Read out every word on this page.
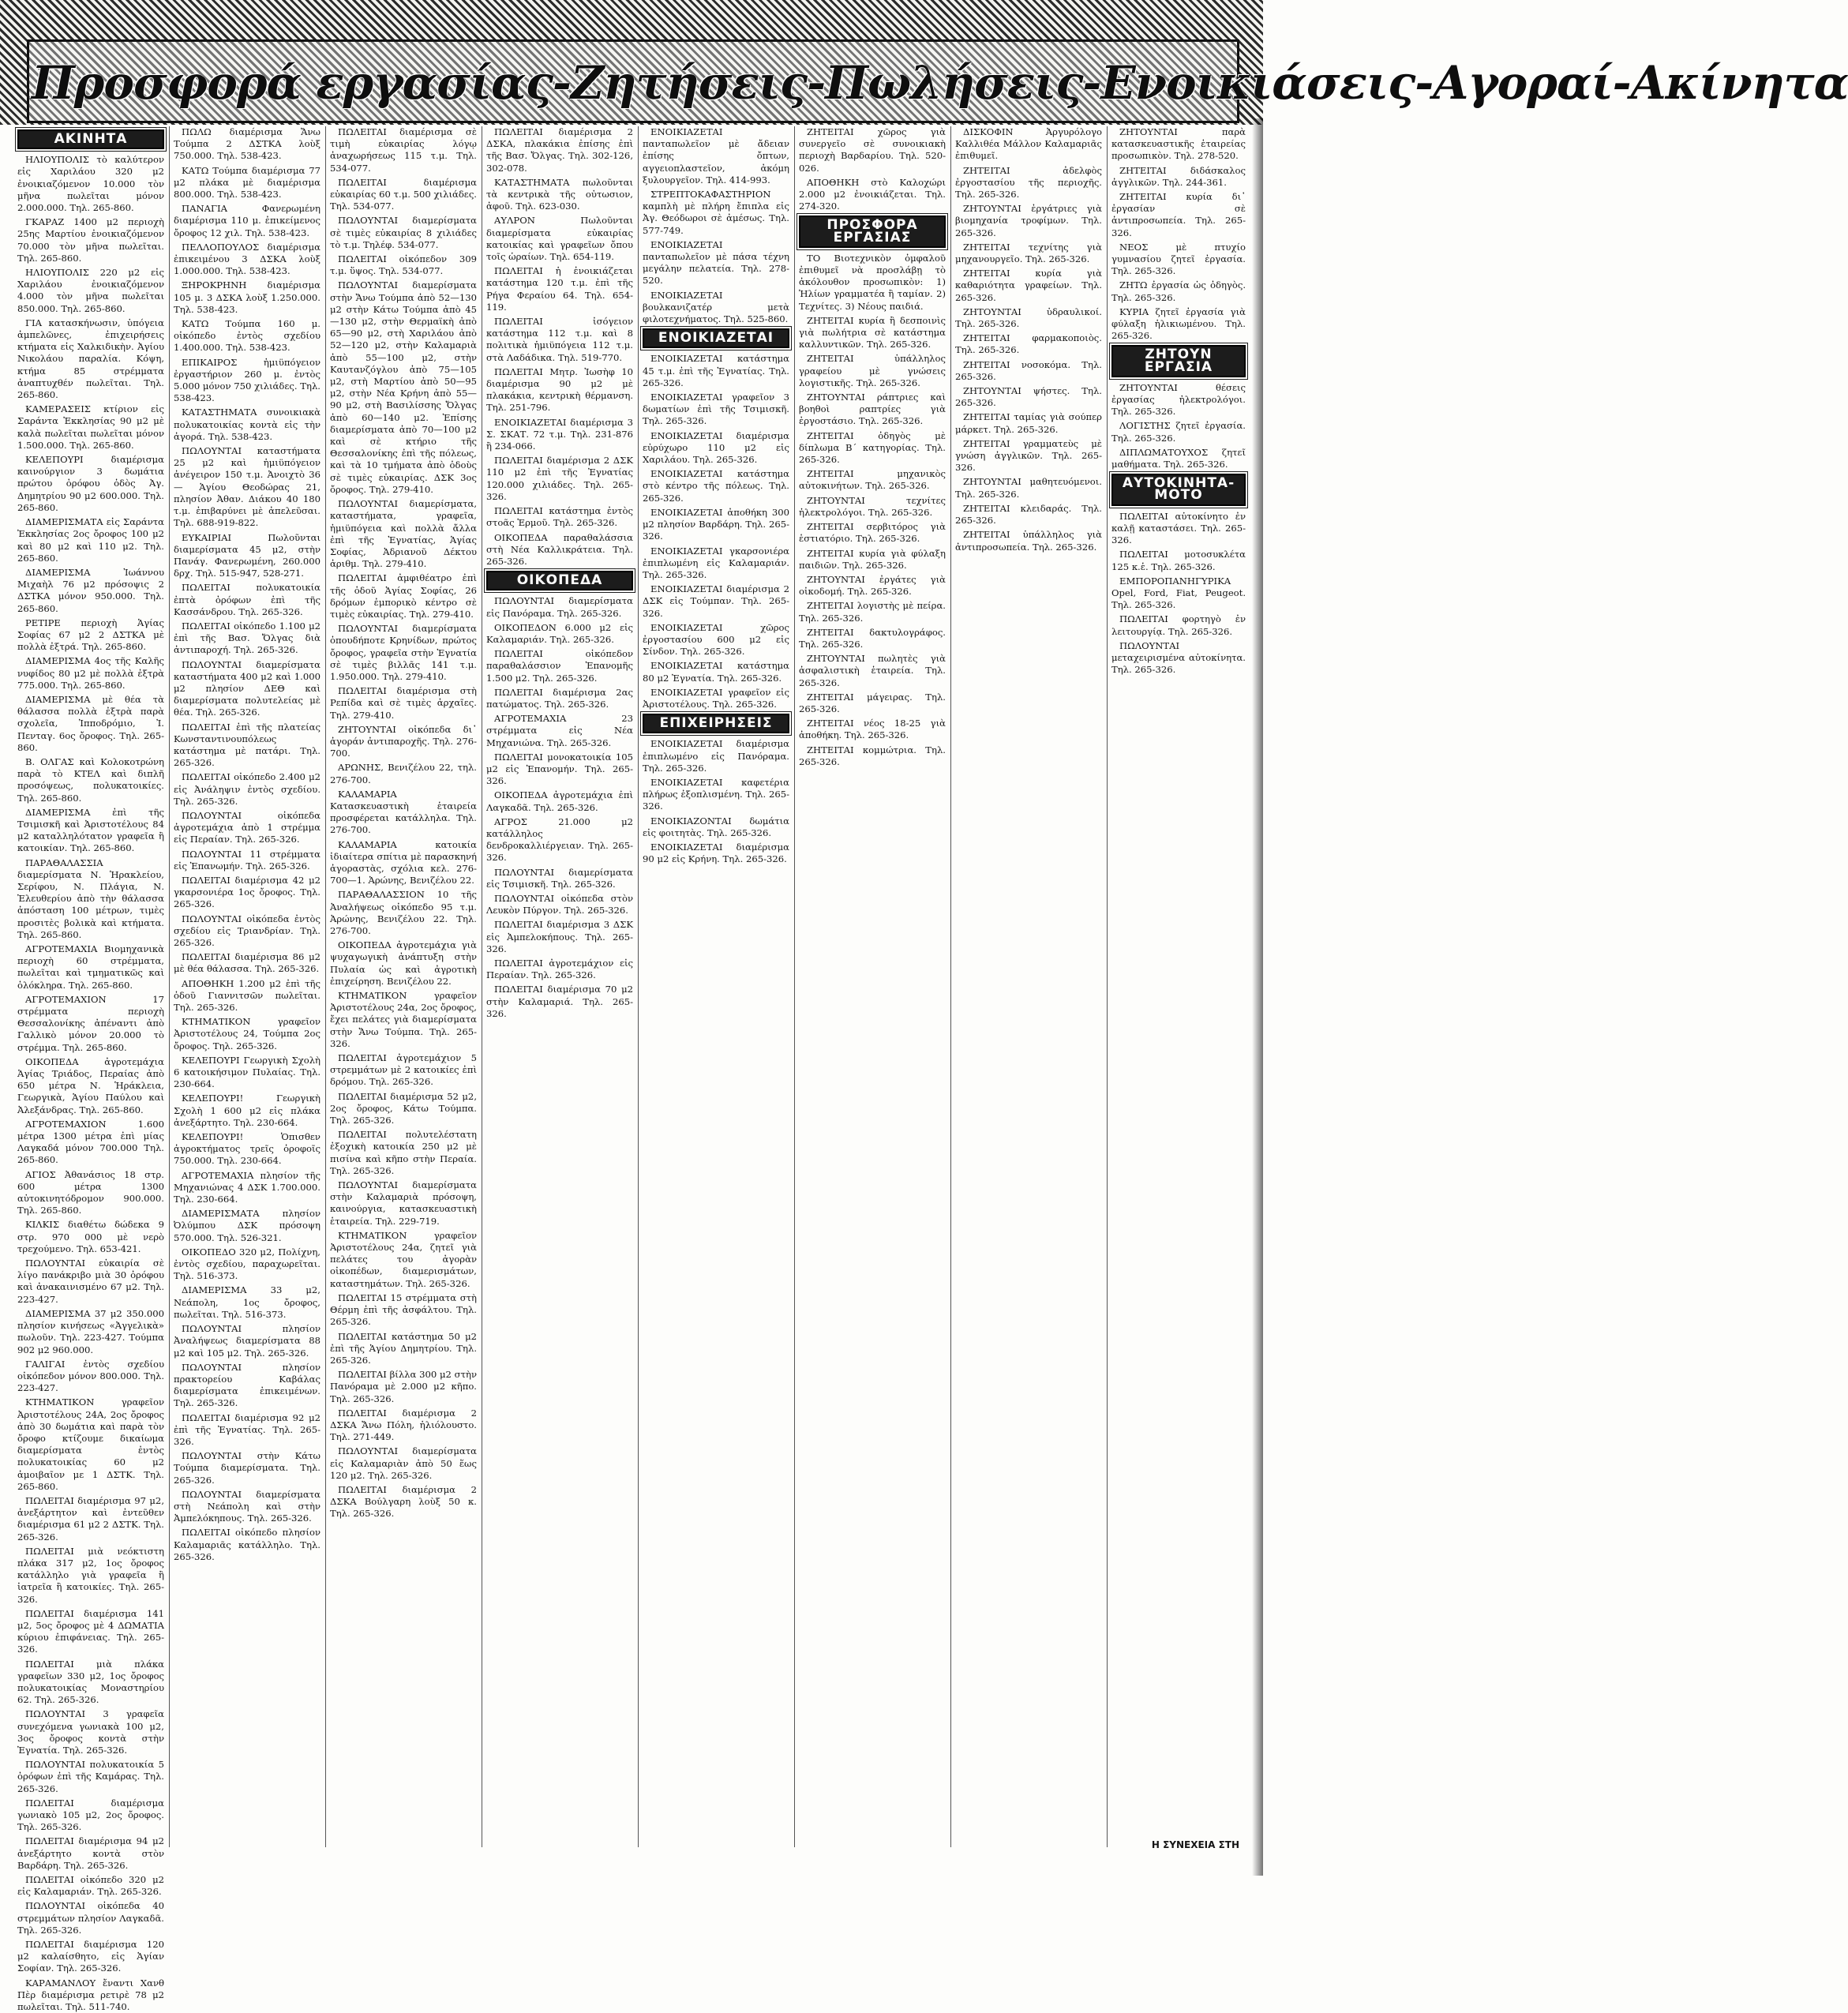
Προσφορά εργασίας-Ζητήσεις-Πωλήσεις-Ενοικιάσεις-Αγοραί-Ακίνητα
ΑΚΙΝΗΤΑ

ΗΛΙΟΥΠΟΛΙΣ τὸ καλύτερον εἰς Χαριλάου 320 μ2 ἐνοικιαζόμενον 10.000 τὸν μῆνα πωλεῖται μόνον 2.000.000. Τηλ. 265-860.

ΓΚΑΡΑΖ 1400 μ2 περιοχὴ 25ης Μαρτίου ἐνοικιαζόμενον 70.000 τὸν μῆνα πωλεῖται. Τηλ. 265-860.

ΗΛΙΟΥΠΟΛΙΣ 220 μ2 εἰς Χαριλάου ἐνοικιαζόμενον 4.000 τὸν μῆνα πωλεῖται 850.000. Τηλ. 265-860.

ΓΙΑ κατασκήνωσιν, ὑπόγεια ἀμπελῶνες, ἐπιχειρήσεις κτήματα εἰς Χαλκιδικὴν. Ἀγίου Νικολάου παραλία. Κόψη, κτήμα 85 στρέμματα ἀναπτυχθέν πωλεῖται. Τηλ. 265-860.

ΚΑΜΕΡΑΣΕΙΣ κτίριον εἰς Σαράντα Ἐκκλησίας 90 μ2 μὲ καλὰ πωλεῖται πωλεῖται μόνον 1.500.000. Τηλ. 265-860.

ΚΕΛΕΠΟΥΡΙ διαμέρισμα καινούργιον 3 δωμάτια πρώτου ὀρόφου ὁδὸς Ἀγ. Δημητρίου 90 μ2 600.000. Τηλ. 265-860.

ΔΙΑΜΕΡΙΣΜΑΤΑ εἰς Σαράντα Ἐκκλησίας 2ος ὄροφος 100 μ2 καὶ 80 μ2 καὶ 110 μ2. Τηλ. 265-860.

ΔΙΑΜΕΡΙΣΜΑ Ἰωάννου Μιχαὴλ 76 μ2 πρόσοψις 2 ΔΣΤΚΑ μόνον 950.000. Τηλ. 265-860.

ΡΕΤΙΡΕ περιοχὴ Ἁγίας Σοφίας 67 μ2 2 ΔΣΤΚΑ μὲ πολλὰ ἐξτρά. Τηλ. 265-860.

ΔΙΑΜΕΡΙΣΜΑ 4ος τῆς Καλῆς νυφίδος 80 μ2 μὲ πολλὰ ἐξτρὰ 775.000. Τηλ. 265-860.

ΔΙΑΜΕΡΙΣΜΑ μὲ θέα τὰ θάλασσα πολλὰ ἐξτρὰ παρὰ σχολεῖα, Ἰπποδρόμιο, Ἰ. Πενταγ. 6ος ὄροφος. Τηλ. 265-860.

Β. ΟΛΓΑΣ καὶ Κολοκοτρώνη παρὰ τὸ ΚΤΕΛ καὶ διπλῆ προσόψεως, πολυκατοικίες. Τηλ. 265-860.

ΔΙΑΜΕΡΙΣΜΑ ἐπὶ τῆς Τσιμισκῆ καὶ Ἀριστοτέλους 84 μ2 καταλληλότατον γραφεῖα ἢ κατοικίαν. Τηλ. 265-860.

ΠΑΡΑΘΑΛΑΣΣΙΑ διαμερίσματα Ν. Ἡρακλείου, Σερίφου, Ν. Πλάγια, Ν. Ἐλευθερίου ἀπὸ τὴν θάλασσα ἀπόσταση 100 μέτρων, τιμὲς προσιτὲς βολικὰ καὶ κτήματα. Τηλ. 265-860.

ΑΓΡΟΤΕΜΑΧΙΑ Βιομηχανικὰ περιοχὴ 60 στρέμματα, πωλεῖται καὶ τμηματικῶς καὶ ὁλόκληρα. Τηλ. 265-860.

ΑΓΡΟΤΕΜΑΧΙΟΝ 17 στρέμματα περιοχὴ Θεσσαλονίκης ἀπέναντι ἀπὸ Γαλλικὸ μόνον 20.000 τὸ στρέμμα. Τηλ. 265-860.

ΟΙΚΟΠΕΔΑ ἀγροτεμάχια Ἁγίας Τριάδος, Περαίας ἀπὸ 650 μέτρα Ν. Ἡράκλεια, Γεωργικὰ, Ἁγίου Παύλου καὶ Ἀλεξάνδρας. Τηλ. 265-860.

ΑΓΡΟΤΕΜΑΧΙΟΝ 1.600 μέτρα 1300 μέτρα ἐπὶ μίας Λαγκαδά μόνον 700.000 Τηλ. 265-860.

ΑΓΙΟΣ Ἀθανάσιος 18 στρ. 600 μέτρα 1300 αὐτοκινητόδρομον 900.000. Τηλ. 265-860.

ΚΙΛΚΙΣ διαθέτω δώδεκα 9 στρ. 970 000 μὲ νερὸ τρεχούμενο. Τηλ. 653-421.

ΠΩΛΟΥΝΤΑΙ εὐκαιρία σὲ λίγο πανάκριβο μιὰ 30 ὀρόφου καὶ ἀνακαινισμένο 67 μ2. Τηλ. 223-427.

ΔΙΑΜΕΡΙΣΜΑ 37 μ2 350.000 πλησίον κινήσεως «Ἀγγελικὰ» πωλοῦν. Τηλ. 223-427. Τούμπα 902 μ2 960.000.

ΓΑΛΙΓΑΙ ἐντὸς σχεδίου οἰκόπεδον μόνον 800.000. Τηλ. 223-427.

ΚΤΗΜΑΤΙΚΟΝ γραφεῖον Ἀριστοτέλους 24Α, 2ος ὄροφος ἀπὸ 30 δωμάτια καὶ παρὰ τὸν ὄροφο κτίζουμε δικαίωμα διαμερίσματα ἐντὸς πολυκατοικίας 60 μ2 ἀμοιβαῖον με 1 ΔΣΤΚ. Τηλ. 265-860.

ΠΩΛΕΙΤΑΙ διαμέρισμα 97 μ2, ἀνεξάρτητον καὶ ἐντεῦθεν διαμέρισμα 61 μ2 2 ΔΣΤΚ. Τηλ. 265-326.

ΠΩΛΕΙΤΑΙ μιὰ νεόκτιστη πλάκα 317 μ2, 1ος ὄροφος κατάλληλο γιὰ γραφεῖα ἢ ἰατρεῖα ἢ κατοικίες. Τηλ. 265-326.

ΠΩΛΕΙΤΑΙ διαμέρισμα 141 μ2, 5ος ὄροφος μὲ 4 ΔΩΜΑΤΙΑ κύριου ἐπιφάνειας. Τηλ. 265-326.

ΠΩΛΕΙΤΑΙ μιὰ πλάκα γραφεῖων 330 μ2, 1ος ὄροφος πολυκατοικίας Μοναστηρίου 62. Τηλ. 265-326.

ΠΩΛΟΥΝΤΑΙ 3 γραφεῖα συνεχόμενα γωνιακὰ 100 μ2, 3ος ὄροφος κοντὰ στὴν Ἐγνατία. Τηλ. 265-326.

ΠΩΛΟΥΝΤΑΙ πολυκατοικία 5 ὀρόφων ἐπὶ τῆς Καμάρας. Τηλ. 265-326.

ΠΩΛΕΙΤΑΙ διαμέρισμα γωνιακὸ 105 μ2, 2ος ὄροφος. Τηλ. 265-326.

ΠΩΛΕΙΤΑΙ διαμέρισμα 94 μ2 ἀνεξάρτητο κοντὰ στὸν Βαρδάρη. Τηλ. 265-326.

ΠΩΛΕΙΤΑΙ οἰκόπεδο 320 μ2 εἰς Καλαμαριάν. Τηλ. 265-326.

ΠΩΛΟΥΝΤΑΙ οἰκόπεδα 40 στρεμμάτων πλησίον Λαγκαδᾶ. Τηλ. 265-326.

ΠΩΛΕΙΤΑΙ διαμέρισμα 120 μ2 καλαίσθητο, εἰς Ἁγίαν Σοφίαν. Τηλ. 265-326.

ΚΑΡΑΜΑΝΛΟΥ ἔναντι Χανθ Πὲρ διαμέρισμα ρετιρὲ 78 μ2 πωλεῖται. Τηλ. 511-740.

ΠΩΛΩ διαμέρισμα Ἄνω Τούμπα 2 ΔΣΤΚΑ λοὺξ 750.000. Τηλ. 538-423.

ΚΑΤΩ Τούμπα διαμέρισμα 77 μ2 πλάκα μὲ διαμέρισμα 800.000. Τηλ. 538-423.

ΠΑΝΑΓΙΑ Φανερωμένη διαμέρισμα 110 μ. ἐπικείμενος ὄροφος 12 χιλ. Τηλ. 538-423.

ΠΕΛΛΟΠΟΥΛΟΣ διαμέρισμα ἐπικειμένου 3 ΔΣΚΑ λοὺξ 1.000.000. Τηλ. 538-423.

ΞΗΡΟΚΡΗΝΗ διαμέρισμα 105 μ. 3 ΔΣΚΑ λοὺξ 1.250.000. Τηλ. 538-423.

ΚΑΤΩ Τούμπα 160 μ. οἰκόπεδο ἐντὸς σχεδίου 1.400.000. Τηλ. 538-423.

ΕΠΙΚΑΙΡΟΣ ἡμιϋπόγειον ἐργαστήριον 260 μ. ἐντὸς 5.000 μόνον 750 χιλιάδες. Τηλ. 538-423.

ΚΑΤΑΣΤΗΜΑΤΑ συνοικιακὰ πολυκατοικίας κοντὰ εἰς τὴν ἀγορά. Τηλ. 538-423.

ΠΩΛΟΥΝΤΑΙ καταστήματα 25 μ2 καὶ ἡμιϋπόγειον ἀνέγειρον 150 τ.μ. Ἀνοιχτὸ 36 — Ἁγίου Θεοδώρας 21, πλησίον Ἀθαν. Διάκου 40 180 τ.μ. ἐπιβαρύνει μὲ ἀπελεῦσαι. Τηλ. 688-919-822.

ΕΥΚΑΙΡΙΑΙ Πωλοῦνται διαμερίσματα 45 μ2, στὴν Πανάγ. Φανερωμένη, 260.000 δρχ. Τηλ. 515-947, 528-271.

ΠΩΛΕΙΤΑΙ πολυκατοικία ἐπτὰ ὀρόφων ἐπὶ τῆς Κασσάνδρου. Τηλ. 265-326.

ΠΩΛΕΙΤΑΙ οἰκόπεδο 1.100 μ2 ἐπὶ τῆς Βασ. Ὄλγας διὰ ἀντιπαροχή. Τηλ. 265-326.

ΠΩΛΟΥΝΤΑΙ διαμερίσματα καταστήματα 400 μ2 καὶ 1.000 μ2 πλησίον ΔΕΘ καὶ διαμερίσματα πολυτελείας μὲ θέα. Τηλ. 265-326.

ΠΩΛΕΙΤΑΙ ἐπὶ τῆς πλατείας Κωνσταντινουπόλεως κατάστημα μὲ πατάρι. Τηλ. 265-326.

ΠΩΛΕΙΤΑΙ οἰκόπεδο 2.400 μ2 εἰς Ἀνάληψιν ἐντὸς σχεδίου. Τηλ. 265-326.

ΠΩΛΟΥΝΤΑΙ οἰκόπεδα ἀγροτεμάχια ἀπὸ 1 στρέμμα εἰς Περαίαν. Τηλ. 265-326.

ΠΩΛΟΥΝΤΑΙ 11 στρέμματα εἰς Ἐπανωμήν. Τηλ. 265-326.

ΠΩΛΕΙΤΑΙ διαμέρισμα 42 μ2 γκαρσονιέρα 1ος ὄροφος. Τηλ. 265-326.

ΠΩΛΟΥΝΤΑΙ οἰκόπεδα ἐντὸς σχεδίου εἰς Τριανδρίαν. Τηλ. 265-326.

ΠΩΛΕΙΤΑΙ διαμέρισμα 86 μ2 μὲ θέα θάλασσα. Τηλ. 265-326.

ΑΠΟΘΗΚΗ 1.200 μ2 ἐπὶ τῆς ὁδοῦ Γιαννιτσῶν πωλεῖται. Τηλ. 265-326.

ΚΤΗΜΑΤΙΚΟΝ γραφεῖον Ἀριστοτέλους 24, Τούμπα 2ος ὄροφος. Τηλ. 265-326.

ΚΕΛΕΠΟΥΡΙ Γεωργικὴ Σχολὴ 6 κατοικήσιμον Πυλαίας. Τηλ. 230-664.

ΚΕΛΕΠΟΥΡΙ! Γεωργικὴ Σχολὴ 1 600 μ2 εἰς πλάκα ἀνεξάρτητο. Τηλ. 230-664.

ΚΕΛΕΠΟΥΡΙ! Ὁπισθεν ἀγροκτήματος τρεῖς ὀροφοῖς 750.000. Τηλ. 230-664.

ΑΓΡΟΤΕΜΑΧΙΑ πλησίον τῆς Μηχανιώνας 4 ΔΣΚ 1.700.000. Τηλ. 230-664.

ΔΙΑΜΕΡΙΣΜΑΤΑ πλησίον Ὀλύμπου ΔΣΚ πρόσοψη 570.000. Τηλ. 526-321.

ΟΙΚΟΠΕΔΟ 320 μ2, Πολίχνη, ἐντὸς σχεδίου, παραχωρεῖται. Τηλ. 516-373.

ΔΙΑΜΕΡΙΣΜΑ 33 μ2, Νεάπολη, 1ος ὄροφος, πωλεῖται. Τηλ. 516-373.

ΠΩΛΟΥΝΤΑΙ πλησίον Ἀναλήψεως διαμερίσματα 88 μ2 καὶ 105 μ2. Τηλ. 265-326.

ΠΩΛΟΥΝΤΑΙ πλησίον πρακτορείου Καβάλας διαμερίσματα ἐπικειμένων. Τηλ. 265-326.

ΠΩΛΕΙΤΑΙ διαμέρισμα 92 μ2 ἐπὶ τῆς Ἐγνατίας. Τηλ. 265-326.

ΠΩΛΟΥΝΤΑΙ στὴν Κάτω Τούμπα διαμερίσματα. Τηλ. 265-326.

ΠΩΛΟΥΝΤΑΙ διαμερίσματα στὴ Νεάπολη καὶ στὴν Ἀμπελόκηπους. Τηλ. 265-326.

ΠΩΛΕΙΤΑΙ οἰκόπεδο πλησίον Καλαμαριᾶς κατάλληλο. Τηλ. 265-326.

ΠΩΛΕΙΤΑΙ διαμέρισμα σὲ τιμὴ εὐκαιρίας λόγῳ ἀναχωρήσεως 115 τ.μ. Τηλ. 534-077.

ΠΩΛΕΙΤΑΙ διαμέρισμα εὐκαιρίας 60 τ.μ. 500 χιλιάδες. Τηλ. 534-077.

ΠΩΛΟΥΝΤΑΙ διαμερίσματα σὲ τιμὲς εὐκαιρίας 8 χιλιάδες τὸ τ.μ. Τηλέφ. 534-077.

ΠΩΛΕΙΤΑΙ οἰκόπεδον 309 τ.μ. ὕψος. Τηλ. 534-077.

ΠΩΛΟΥΝΤΑΙ διαμερίσματα στὴν Ἄνω Τούμπα ἀπὸ 52—130 μ2 στὴν Κάτω Τούμπα ἀπὸ 45—130 μ2, στὴν Θερμαϊκὴ ἀπὸ 65—90 μ2, στὴ Χαριλάου ἀπὸ 52—120 μ2, στὴν Καλαμαριὰ ἀπὸ 55—100 μ2, στὴν Καυτανζόγλου ἀπὸ 75—105 μ2, στὴ Μαρτίου ἀπὸ 50—95 μ2, στὴν Νέα Κρήνη ἀπὸ 55—90 μ2, στὴ Βασιλίσσης Ὄλγας ἀπὸ 60—140 μ2. Ἐπίσης διαμερίσματα ἀπὸ 70—100 μ2 καὶ σὲ κτήριο τῆς Θεσσαλονίκης ἐπὶ τῆς πόλεως, καὶ τὰ 10 τμήματα ἀπὸ ὁδοὺς σὲ τιμὲς εὐκαιρίας. ΔΣΚ 3ος ὄροφος. Τηλ. 279-410.

ΠΩΛΟΥΝΤΑΙ διαμερίσματα, καταστήματα, γραφεῖα, ἡμιϋπόγεια καὶ πολλὰ ἄλλα ἐπὶ τῆς Ἐγνατίας, Ἁγίας Σοφίας, Ἀδριανοῦ Δέκτου ἀριθμ. Τηλ. 279-410.

ΠΩΛΕΙΤΑΙ ἀμφιθέατρο ἐπὶ τῆς ὁδοῦ Ἁγίας Σοφίας, 26 δρόμων ἐμπορικὸ κέντρο σὲ τιμὲς εὐκαιρίας. Τηλ. 279-410.

ΠΩΛΟΥΝΤΑΙ διαμερίσματα ὁπουδήποτε Κρηνίδων, πρώτος ὄροφος, γραφεῖα στὴν Ἐγνατία σὲ τιμὲς βιλλᾶς 141 τ.μ. 1.950.000. Τηλ. 279-410.

ΠΩΛΕΙΤΑΙ διαμέρισμα στὴ Ρεπίδα καὶ σὲ τιμὲς ἀρχαῖες. Τηλ. 279-410.

ΖΗΤΟΥΝΤΑΙ οἰκόπεδα δι᾽ ἀγοράν ἀντιπαροχῆς. Τηλ. 276-700.

ΑΡΩΝΗΣ, Βενιζέλου 22, τηλ. 276-700.

ΚΑΛΑΜΑΡΙΑ Κατασκευαστικὴ ἑταιρεία προσφέρεται κατάλληλα. Τηλ. 276-700.

ΚΑΛΑΜΑΡΙΑ κατοικία ἰδιαίτερα σπίτια μὲ παρασκηνή ἀγοραστὰς, σχόλια κελ. 276-700—1. Ἀρώνης, Βενιζέλου 22.

ΠΑΡΑΘΑΛΑΣΣΙΟΝ 10 τῆς Ἀναλήψεως οἰκόπεδο 95 τ.μ. Ἀρώνης, Βενιζέλου 22. Τηλ. 276-700.

ΟΙΚΟΠΕΔΑ ἀγροτεμάχια γιὰ ψυχαγωγικὴ ἀνάπτυξη στὴν Πυλαία ὡς καὶ ἀγροτικὴ ἐπιχείρηση. Βενιζέλου 22.

ΚΤΗΜΑΤΙΚΟΝ γραφεῖον Ἀριστοτέλους 24α, 2ος ὄροφος, ἔχει πελάτες γιὰ διαμερίσματα στὴν Ἄνω Τούμπα. Τηλ. 265-326.

ΠΩΛΕΙΤΑΙ ἀγροτεμάχιον 5 στρεμμάτων μὲ 2 κατοικίες ἐπὶ δρόμου. Τηλ. 265-326.

ΠΩΛΕΙΤΑΙ διαμέρισμα 52 μ2, 2ος ὄροφος, Κάτω Τούμπα. Τηλ. 265-326.

ΠΩΛΕΙΤΑΙ πολυτελέστατη ἐξοχικὴ κατοικία 250 μ2 μὲ πισίνα καὶ κῆπο στὴν Περαία. Τηλ. 265-326.

ΠΩΛΟΥΝΤΑΙ διαμερίσματα στὴν Καλαμαριὰ πρόσοψη, καινούργια, κατασκευαστικὴ ἑταιρεία. Τηλ. 229-719.

ΚΤΗΜΑΤΙΚΟΝ γραφεῖον Ἀριστοτέλους 24α, ζητεῖ γιὰ πελάτες του ἀγορὰν οἰκοπέδων, διαμερισμάτων, καταστημάτων. Τηλ. 265-326.

ΠΩΛΕΙΤΑΙ 15 στρέμματα στὴ Θέρμη ἐπὶ τῆς ἀσφάλτου. Τηλ. 265-326.

ΠΩΛΕΙΤΑΙ κατάστημα 50 μ2 ἐπὶ τῆς Ἁγίου Δημητρίου. Τηλ. 265-326.

ΠΩΛΕΙΤΑΙ βίλλα 300 μ2 στὴν Πανόραμα μὲ 2.000 μ2 κῆπο. Τηλ. 265-326.

ΠΩΛΕΙΤΑΙ διαμέρισμα 2 ΔΣΚΑ Ἄνω Πόλη, ἡλιόλουστο. Τηλ. 271-449.

ΠΩΛΟΥΝΤΑΙ διαμερίσματα εἰς Καλαμαριὰν ἀπὸ 50 ἕως 120 μ2. Τηλ. 265-326.

ΠΩΛΕΙΤΑΙ διαμέρισμα 2 ΔΣΚΑ Βούλγαρη λοὺξ 50 κ. Τηλ. 265-326.

ΠΩΛΕΙΤΑΙ διαμέρισμα 2 ΔΣΚΑ, πλακάκια ἐπίσης ἐπὶ τῆς Βασ. Ὄλγας. Τηλ. 302-126, 302-078.

ΚΑΤΑΣΤΗΜΑΤΑ πωλοῦνται τὰ κεντρικὰ τῆς οὐτωσιον, ἀφοῦ. Τηλ. 623-030.

ΑΥΛΡΟΝ Πωλοῦνται διαμερίσματα εὐκαιρίας κατοικίας καὶ γραφεῖων ὄπου τοῖς ὡραίων. Τηλ. 654-119.

ΠΩΛΕΙΤΑΙ ἡ ἐνοικιάζεται κατάστημα 120 τ.μ. ἐπὶ τῆς Ρήγα Φεραίου 64. Τηλ. 654-119.

ΠΩΛΕΙΤΑΙ ἰσόγειον κατάστημα 112 τ.μ. καὶ 8 πολιτικὰ ἡμιϋπόγεια 112 τ.μ. στὰ Λαδάδικα. Τηλ. 519-770.

ΠΩΛΕΙΤΑΙ Μητρ. Ἰωσὴφ 10 διαμέρισμα 90 μ2 μὲ πλακάκια, κεντρικὴ θέρμανση. Τηλ. 251-796.

ΕΝΟΙΚΙΑΖΕΤΑΙ διαμέρισμα 3 Σ. ΣΚΑΤ. 72 τ.μ. Τηλ. 231-876 ἢ 234-066.

ΠΩΛΕΙΤΑΙ διαμέρισμα 2 ΔΣΚ 110 μ2 ἐπὶ τῆς Ἐγνατίας 120.000 χιλιάδες. Τηλ. 265-326.

ΠΩΛΕΙΤΑΙ κατάστημα ἐντὸς στοᾶς Ἑρμοῦ. Τηλ. 265-326.

ΟΙΚΟΠΕΔΑ παραθαλάσσια στὴ Νέα Καλλικράτεια. Τηλ. 265-326.

ΟΙΚΟΠΕΔΑ

ΠΩΛΟΥΝΤΑΙ διαμερίσματα εἰς Πανόραμα. Τηλ. 265-326.

ΟΙΚΟΠΕΔΟΝ 6.000 μ2 εἰς Καλαμαριάν. Τηλ. 265-326.

ΠΩΛΕΙΤΑΙ οἰκόπεδον παραθαλάσσιον Ἐπανομῆς 1.500 μ2. Τηλ. 265-326.

ΠΩΛΕΙΤΑΙ διαμέρισμα 2ας πατώματος. Τηλ. 265-326.

ΑΓΡΟΤΕΜΑΧΙΑ 23 στρέμματα εἰς Νέα Μηχανιώνα. Τηλ. 265-326.

ΠΩΛΕΙΤΑΙ μονοκατοικία 105 μ2 εἰς Ἐπανομήν. Τηλ. 265-326.

ΟΙΚΟΠΕΔΑ ἀγροτεμάχια ἐπὶ Λαγκαδᾶ. Τηλ. 265-326.

ΑΓΡΟΣ 21.000 μ2 κατάλληλος δενδροκαλλιέργειαν. Τηλ. 265-326.

ΠΩΛΟΥΝΤΑΙ διαμερίσματα εἰς Τσιμισκῆ. Τηλ. 265-326.

ΠΩΛΟΥΝΤΑΙ οἰκόπεδα στὸν Λευκὸν Πύργον. Τηλ. 265-326.

ΠΩΛΕΙΤΑΙ διαμέρισμα 3 ΔΣΚ εἰς Ἀμπελοκήπους. Τηλ. 265-326.

ΠΩΛΕΙΤΑΙ ἀγροτεμάχιον εἰς Περαίαν. Τηλ. 265-326.

ΠΩΛΕΙΤΑΙ διαμέρισμα 70 μ2 στὴν Καλαμαριά. Τηλ. 265-326.

ΕΝΟΙΚΙΑΖΕΤΑΙ πανταπωλεῖον μὲ ἄδειαν ἐπίσης ὄπτων, αγγειοπλαστεῖον, ἀκόμη ξυλουργεῖον. Τηλ. 414-993.

ΣΤΡΕΠΤΟΚΑΦΑΣΤΗΡΙΟΝ καμπλὴ μὲ πλήρη ἔπιπλα εἰς Ἀγ. Θεόδωροι σὲ ἀμέσως. Τηλ. 577-749.

ΕΝΟΙΚΙΑΖΕΤΑΙ πανταπωλεῖον μὲ πάσα τέχνη μεγάλην πελατεία. Τηλ. 278-520.

ΕΝΟΙΚΙΑΖΕΤΑΙ βουλκανιζατέρ μετὰ φιλοτεχνήματος. Τηλ. 525-860.

ΕΝΟΙΚΙΑΖΕΤΑΙ

ΕΝΟΙΚΙΑΖΕΤΑΙ κατάστημα 45 τ.μ. ἐπὶ τῆς Ἐγνατίας. Τηλ. 265-326.

ΕΝΟΙΚΙΑΖΕΤΑΙ γραφεῖον 3 δωματίων ἐπὶ τῆς Τσιμισκῆ. Τηλ. 265-326.

ΕΝΟΙΚΙΑΖΕΤΑΙ διαμέρισμα εὐρύχωρο 110 μ2 εἰς Χαριλάου. Τηλ. 265-326.

ΕΝΟΙΚΙΑΖΕΤΑΙ κατάστημα στὸ κέντρο τῆς πόλεως. Τηλ. 265-326.

ΕΝΟΙΚΙΑΖΕΤΑΙ ἀποθήκη 300 μ2 πλησίον Βαρδάρη. Τηλ. 265-326.

ΕΝΟΙΚΙΑΖΕΤΑΙ γκαρσονιέρα ἐπιπλωμένη εἰς Καλαμαριάν. Τηλ. 265-326.

ΕΝΟΙΚΙΑΖΕΤΑΙ διαμέρισμα 2 ΔΣΚ εἰς Τούμπαν. Τηλ. 265-326.

ΕΝΟΙΚΙΑΖΕΤΑΙ χῶρος ἐργοστασίου 600 μ2 εἰς Σίνδον. Τηλ. 265-326.

ΕΝΟΙΚΙΑΖΕΤΑΙ κατάστημα 80 μ2 Ἐγνατία. Τηλ. 265-326.

ΕΝΟΙΚΙΑΖΕΤΑΙ γραφεῖον εἰς Ἀριστοτέλους. Τηλ. 265-326.

ΕΠΙΧΕΙΡΗΣΕΙΣ

ΕΝΟΙΚΙΑΖΕΤΑΙ διαμέρισμα ἐπιπλωμένο εἰς Πανόραμα. Τηλ. 265-326.

ΕΝΟΙΚΙΑΖΕΤΑΙ καφετέρια πλήρως ἐξοπλισμένη. Τηλ. 265-326.

ΕΝΟΙΚΙΑΖΟΝΤΑΙ δωμάτια εἰς φοιτητὰς. Τηλ. 265-326.

ΕΝΟΙΚΙΑΖΕΤΑΙ διαμέρισμα 90 μ2 εἰς Κρήνη. Τηλ. 265-326.

ΖΗΤΕΙΤΑΙ χῶρος γιὰ συνεργεῖο σὲ συνοικιακὴ περιοχὴ Βαρδαρίου. Τηλ. 520-026.

ΑΠΟΘΗΚΗ στὸ Καλοχώρι 2.000 μ2 ἐνοικιάζεται. Τηλ. 274-320.

ΠΡΟΣΦΟΡΑ ΕΡΓΑΣΙΑΣ

ΤΟ Βιοτεχνικὸν ὀμφαλοῦ ἐπιθυμεῖ νὰ προσλάβῃ τὸ ἀκόλουθον προσωπικὸν: 1) Ἡλίων γραμματέα ἢ ταμίαν. 2) Τεχνίτες. 3) Νέους παιδιά.

ΖΗΤΕΙΤΑΙ κυρία ἢ δεσποινὶς γιὰ πωλήτρια σὲ κατάστημα καλλυντικῶν. Τηλ. 265-326.

ΖΗΤΕΙΤΑΙ ὑπάλληλος γραφείου μὲ γνώσεις λογιστικῆς. Τηλ. 265-326.

ΖΗΤΟΥΝΤΑΙ ράπτριες καὶ βοηθοὶ ραπτρίες γιὰ ἐργοστάσιο. Τηλ. 265-326.

ΖΗΤΕΙΤΑΙ ὀδηγὸς μὲ δίπλωμα Β΄ κατηγορίας. Τηλ. 265-326.

ΖΗΤΕΙΤΑΙ μηχανικὸς αὐτοκινήτων. Τηλ. 265-326.

ΖΗΤΟΥΝΤΑΙ τεχνίτες ἠλεκτρολόγοι. Τηλ. 265-326.

ΖΗΤΕΙΤΑΙ σερβιτόρος γιὰ ἑστιατόριο. Τηλ. 265-326.

ΖΗΤΕΙΤΑΙ κυρία γιὰ φύλαξη παιδιῶν. Τηλ. 265-326.

ΖΗΤΟΥΝΤΑΙ ἐργάτες γιὰ οἰκοδομή. Τηλ. 265-326.

ΖΗΤΕΙΤΑΙ λογιστὴς μὲ πείρα. Τηλ. 265-326.

ΖΗΤΕΙΤΑΙ δακτυλογράφος. Τηλ. 265-326.

ΖΗΤΟΥΝΤΑΙ πωλητὲς γιὰ ἀσφαλιστικὴ ἑταιρεία. Τηλ. 265-326.

ΖΗΤΕΙΤΑΙ μάγειρας. Τηλ. 265-326.

ΖΗΤΕΙΤΑΙ νέος 18-25 γιὰ ἀποθήκη. Τηλ. 265-326.

ΖΗΤΕΙΤΑΙ κομμώτρια. Τηλ. 265-326.

ΔΙΣΚΟΦΙΝ Ἀργυρόλογο Καλλιθέα Μάλλον Καλαμαριᾶς ἐπιθυμεῖ.

ΖΗΤΕΙΤΑΙ ἀδελφὸς ἐργοστασίου τῆς περιοχῆς. Τηλ. 265-326.

ΖΗΤΟΥΝΤΑΙ ἐργάτριες γιὰ βιομηχανία τροφίμων. Τηλ. 265-326.

ΖΗΤΕΙΤΑΙ τεχνίτης γιὰ μηχανουργεῖο. Τηλ. 265-326.

ΖΗΤΕΙΤΑΙ κυρία γιὰ καθαριότητα γραφείων. Τηλ. 265-326.

ΖΗΤΟΥΝΤΑΙ ὑδραυλικοί. Τηλ. 265-326.

ΖΗΤΕΙΤΑΙ φαρμακοποιὸς. Τηλ. 265-326.

ΖΗΤΕΙΤΑΙ νοσοκόμα. Τηλ. 265-326.

ΖΗΤΟΥΝΤΑΙ ψήστες. Τηλ. 265-326.

ΖΗΤΕΙΤΑΙ ταμίας γιὰ σούπερ μάρκετ. Τηλ. 265-326.

ΖΗΤΕΙΤΑΙ γραμματεὺς μὲ γνώση ἀγγλικῶν. Τηλ. 265-326.

ΖΗΤΟΥΝΤΑΙ μαθητευόμενοι. Τηλ. 265-326.

ΖΗΤΕΙΤΑΙ κλειδαράς. Τηλ. 265-326.

ΖΗΤΕΙΤΑΙ ὑπάλληλος γιὰ ἀντιπροσωπεία. Τηλ. 265-326.

ΖΗΤΟΥΝΤΑΙ παρὰ κατασκευαστικῆς ἑταιρείας προσωπικὸν. Τηλ. 278-520.

ΖΗΤΕΙΤΑΙ διδάσκαλος ἀγγλικῶν. Τηλ. 244-361.

ΖΗΤΕΙΤΑΙ κυρία δι᾽ ἐργασίαν σὲ ἀντιπροσωπεία. Τηλ. 265-326.

ΝΕΟΣ μὲ πτυχίο γυμνασίου ζητεῖ ἐργασία. Τηλ. 265-326.

ΖΗΤΩ ἐργασία ὡς ὀδηγὸς. Τηλ. 265-326.

ΚΥΡΙΑ ζητεῖ ἐργασία γιὰ φύλαξη ἡλικιωμένου. Τηλ. 265-326.

ΖΗΤΟΥΝ ΕΡΓΑΣΙΑ

ΖΗΤΟΥΝΤΑΙ θέσεις ἐργασίας ἠλεκτρολόγοι. Τηλ. 265-326.

ΛΟΓΙΣΤΗΣ ζητεῖ ἐργασία. Τηλ. 265-326.

ΔΙΠΛΩΜΑΤΟΥΧΟΣ ζητεῖ μαθήματα. Τηλ. 265-326.

ΑΥΤΟΚΙΝΗΤΑ-ΜΟΤΟ

ΠΩΛΕΙΤΑΙ αὐτοκίνητο ἐν καλῇ καταστάσει. Τηλ. 265-326.

ΠΩΛΕΙΤΑΙ μοτοσυκλέτα 125 κ.ἑ. Τηλ. 265-326.

ΕΜΠΟΡΟΠΑΝΗΓΥΡΙΚΑ Opel, Ford, Fiat, Peugeot. Τηλ. 265-326.

ΠΩΛΕΙΤΑΙ φορτηγὸ ἐν λειτουργίᾳ. Τηλ. 265-326.

ΠΩΛΟΥΝΤΑΙ μεταχειρισμένα αὐτοκίνητα. Τηλ. 265-326.

Η ΣΥΝΕΧΕΙΑ ΣΤΗ
